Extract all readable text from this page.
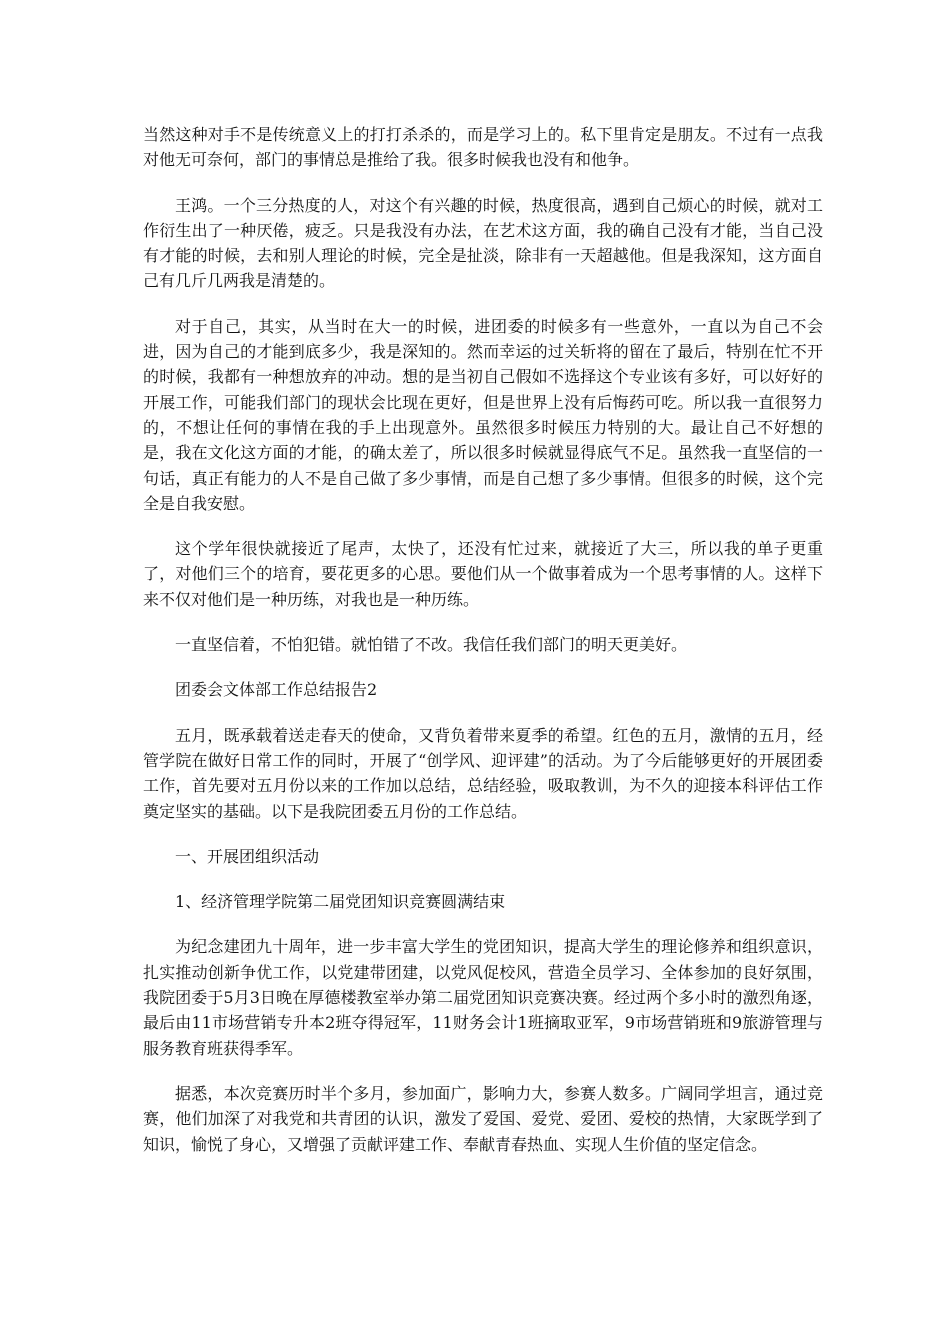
当然这种对手不是传统意义上的打打杀杀的，而是学习上的。私下里肯定是朋友。不过有一点我对他无可奈何，部门的事情总是推给了我。很多时候我也没有和他争。

王鸿。一个三分热度的人，对这个有兴趣的时候，热度很高，遇到自己烦心的时候，就对工作衍生出了一种厌倦，疲乏。只是我没有办法，在艺术这方面，我的确自己没有才能，当自己没有才能的时候，去和别人理论的时候，完全是扯淡，除非有一天超越他。但是我深知，这方面自己有几斤几两我是清楚的。

对于自己，其实，从当时在大一的时候，进团委的时候多有一些意外，一直以为自己不会进，因为自己的才能到底多少，我是深知的。然而幸运的过关斩将的留在了最后，特别在忙不开的时候，我都有一种想放弃的冲动。想的是当初自己假如不选择这个专业该有多好，可以好好的开展工作，可能我们部门的现状会比现在更好，但是世界上没有后悔药可吃。所以我一直很努力的，不想让任何的事情在我的手上出现意外。虽然很多时候压力特别的大。最让自己不好想的是，我在文化这方面的才能，的确太差了，所以很多时候就显得底气不足。虽然我一直坚信的一句话，真正有能力的人不是自己做了多少事情，而是自己想了多少事情。但很多的时候，这个完全是自我安慰。

这个学年很快就接近了尾声，太快了，还没有忙过来，就接近了大三，所以我的单子更重了，对他们三个的培育，要花更多的心思。要他们从一个做事着成为一个思考事情的人。这样下来不仅对他们是一种历练，对我也是一种历练。

一直坚信着，不怕犯错。就怕错了不改。我信任我们部门的明天更美好。

团委会文体部工作总结报告2

五月，既承载着送走春天的使命，又背负着带来夏季的希望。红色的五月，激情的五月，经管学院在做好日常工作的同时，开展了“创学风、迎评建”的活动。为了今后能够更好的开展团委工作，首先要对五月份以来的工作加以总结，总结经验，吸取教训，为不久的迎接本科评估工作奠定坚实的基础。以下是我院团委五月份的工作总结。

一、开展团组织活动

1、经济管理学院第二届党团知识竞赛圆满结束

为纪念建团九十周年，进一步丰富大学生的党团知识，提高大学生的理论修养和组织意识，扎实推动创新争优工作，以党建带团建，以党风促校风，营造全员学习、全体参加的良好氛围，我院团委于5月3日晚在厚德楼教室举办第二届党团知识竞赛决赛。经过两个多小时的激烈角逐，最后由11市场营销专升本2班夺得冠军，11财务会计1班摘取亚军，9市场营销班和9旅游管理与服务教育班获得季军。

据悉，本次竞赛历时半个多月，参加面广，影响力大，参赛人数多。广阔同学坦言，通过竞赛，他们加深了对我党和共青团的认识，激发了爱国、爱党、爱团、爱校的热情，大家既学到了知识，愉悦了身心，又增强了贡献评建工作、奉献青春热血、实现人生价值的坚定信念。
